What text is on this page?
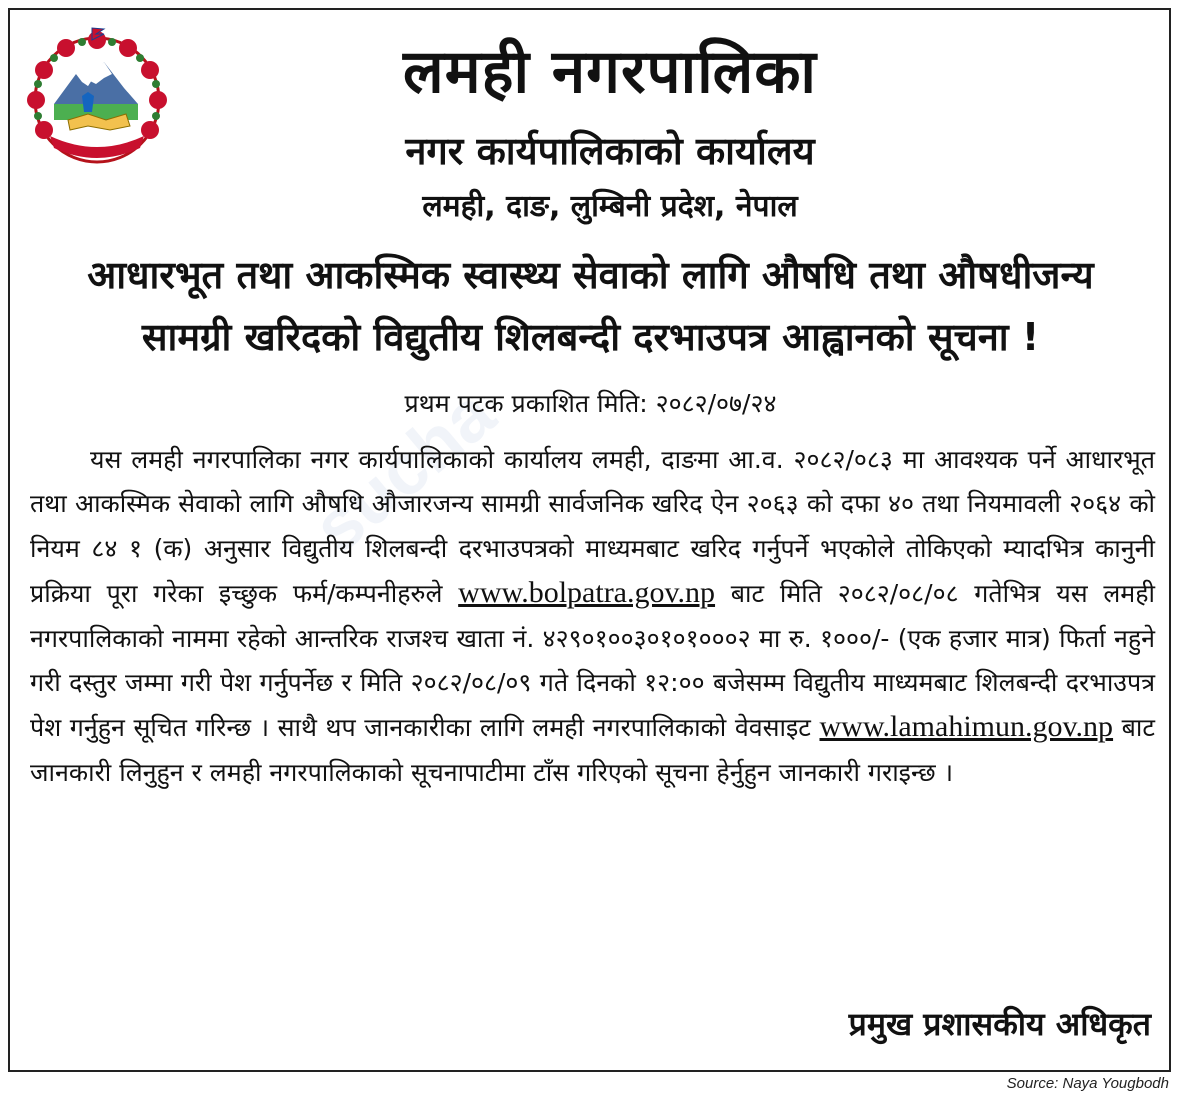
लमही नगरपालिका
नगर कार्यपालिकाको कार्यालय
लमही, दाङ, लुम्बिनी प्रदेश, नेपाल
आधारभूत तथा आकस्मिक स्वास्थ्य सेवाको लागि औषधि तथा औषधीजन्य
सामग्री खरिदको विद्युतीय शिलबन्दी दरभाउपत्र आह्वानको सूचना !
प्रथम पटक प्रकाशित मिति: २०८२/०७/२४
यस लमही नगरपालिका नगर कार्यपालिकाको कार्यालय लमही, दाङमा आ.व. २०८२/०८३ मा आवश्यक पर्ने आधारभूत तथा आकस्मिक सेवाको लागि औषधि औजारजन्य सामग्री सार्वजनिक खरिद ऐन २०६३ को दफा ४० तथा नियमावली २०६४ को नियम ८४ १ (क) अनुसार विद्युतीय शिलबन्दी दरभाउपत्रको माध्यमबाट खरिद गर्नुपर्ने भएकोले तोकिएको म्यादभित्र कानुनी प्रक्रिया पूरा गरेका इच्छुक फर्म/कम्पनीहरुले www.bolpatra.gov.np बाट मिति २०८२/०८/०८ गतेभित्र यस लमही नगरपालिकाको नाममा रहेको आन्तरिक राजश्च खाता नं. ४२९०१००३०१०१०००२ मा रु. १०००/- (एक हजार मात्र) फिर्ता नहुने गरी दस्तुर जम्मा गरी पेश गर्नुपर्नेछ र मिति २०८२/०८/०९ गते दिनको १२:०० बजेसम्म विद्युतीय माध्यमबाट शिलबन्दी दरभाउपत्र पेश गर्नुहुन सूचित गरिन्छ । साथै थप जानकारीका लागि लमही नगरपालिकाको वेवसाइट www.lamahimun.gov.np बाट जानकारी लिनुहुन र लमही नगरपालिकाको सूचनापाटीमा टाँस गरिएको सूचना हेर्नुहुन जानकारी गराइन्छ ।
प्रमुख प्रशासकीय अधिकृत
Source: Naya Yougbodh
